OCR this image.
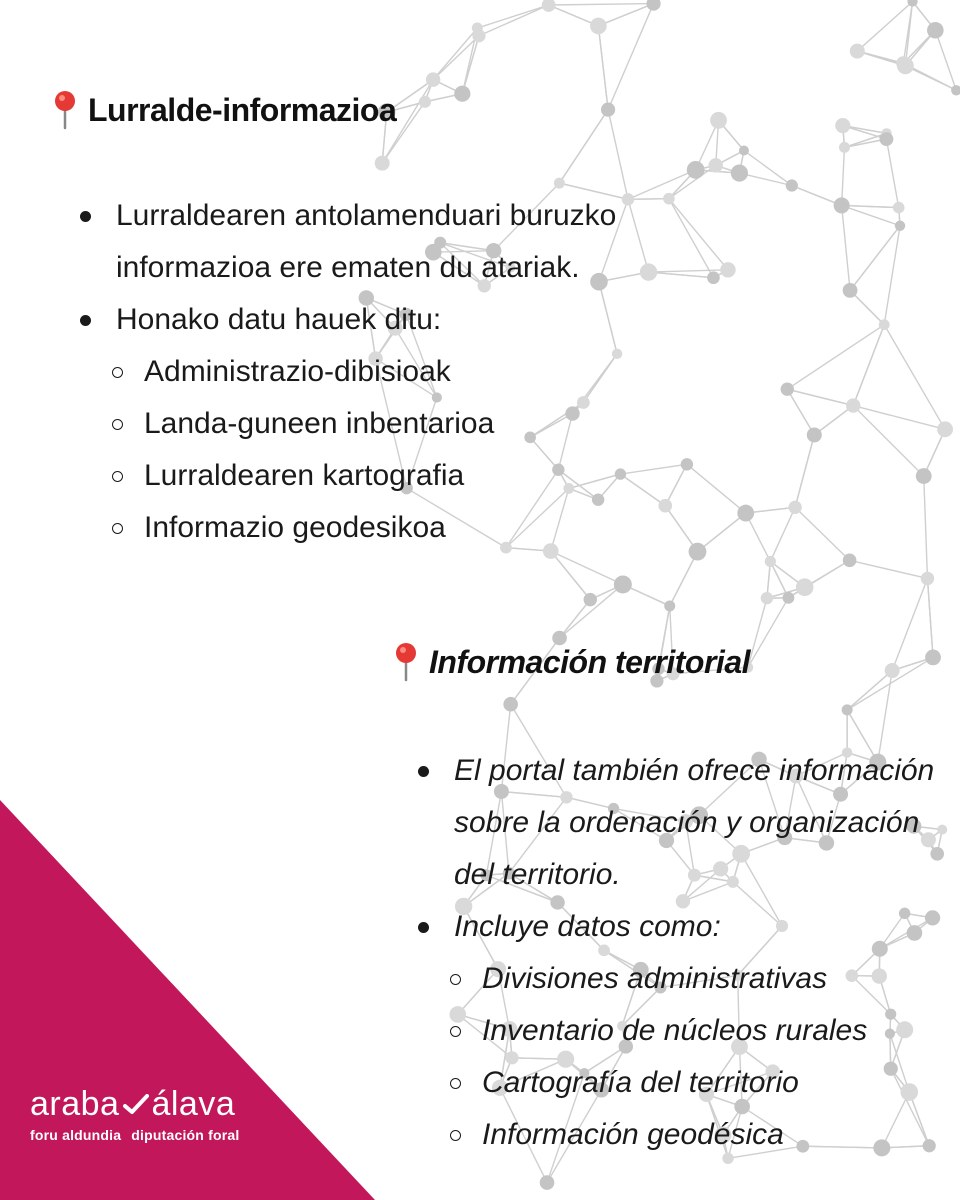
Lurralde-informazioa
Lurraldearen antolamenduari buruzko
informazioa ere ematen du atariak.
Honako datu hauek ditu:
Administrazio-dibisioak
Landa-guneen inbentarioa
Lurraldearen kartografia
Informazio geodesikoa
Información territorial
El portal también ofrece información
sobre la ordenación y organización
del territorio.
Incluye datos como:
Divisiones administrativas
Inventario de núcleos rurales
Cartografía del territorio
Información geodésica
araba álava
foru aldundia diputación foral
